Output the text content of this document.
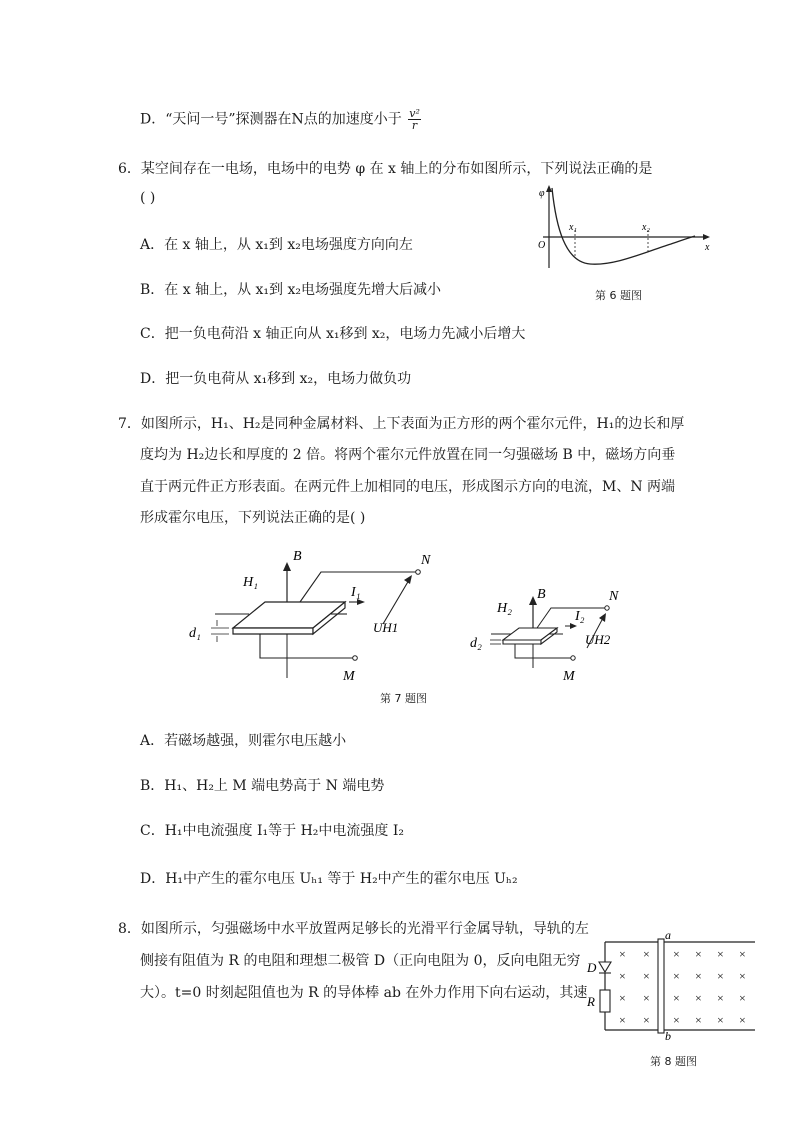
D．“天问一号”探测器在N点的加速度小于 $\frac{\text{v²}}{r}$
6．某空间存在一电场，电场中的电势 φ 在 x 轴上的分布如图所示，下列说法正确的是
( )
A．在 x 轴上，从 x₁到 x₂电场强度方向向左
B．在 x 轴上，从 x₁到 x₂电场强度先增大后减小
C．把一负电荷沿 x 轴正向从 x₁移到 x₂，电场力先减小后增大
D．把一负电荷从 x₁移到 x₂，电场力做负功
φ
x
O
x₁	x₂
第 6 题图
7．如图所示，H₁、H₂是同种金属材料、上下表面为正方形的两个霍尔元件，H₁的边长和厚
度均为 H₂边长和厚度的 2 倍。将两个霍尔元件放置在同一匀强磁场 B 中，磁场方向垂
直于两元件正方形表面。在两元件上加相同的电压，形成图示方向的电流，M、N 两端
形成霍尔电压，下列说法正确的是( )
B
H₁
I₁
N
M
d₁	UH1
B
H₂
I₂
N
M
d₂	UH2
第 7 题图
A．若磁场越强，则霍尔电压越小
B．H₁、H₂上 M 端电势高于 N 端电势
C．H₁中电流强度 I₁等于 H₂中电流强度 I₂
D．H₁中产生的霍尔电压 Uₕ₁ 等于 H₂中产生的霍尔电压 Uₕ₂
8．如图所示，匀强磁场中水平放置两足够长的光滑平行金属导轨，导轨的左
侧接有阻值为 R 的电阻和理想二极管 D（正向电阻为 0，反向电阻无穷
大）。t=0 时刻起阻值也为 R 的导体棒 ab 在外力作用下向右运动，其速
× × × × × ×
× × × × × ×
× × × × × ×
× × × × × ×
a
b
D
R
第 8 题图
